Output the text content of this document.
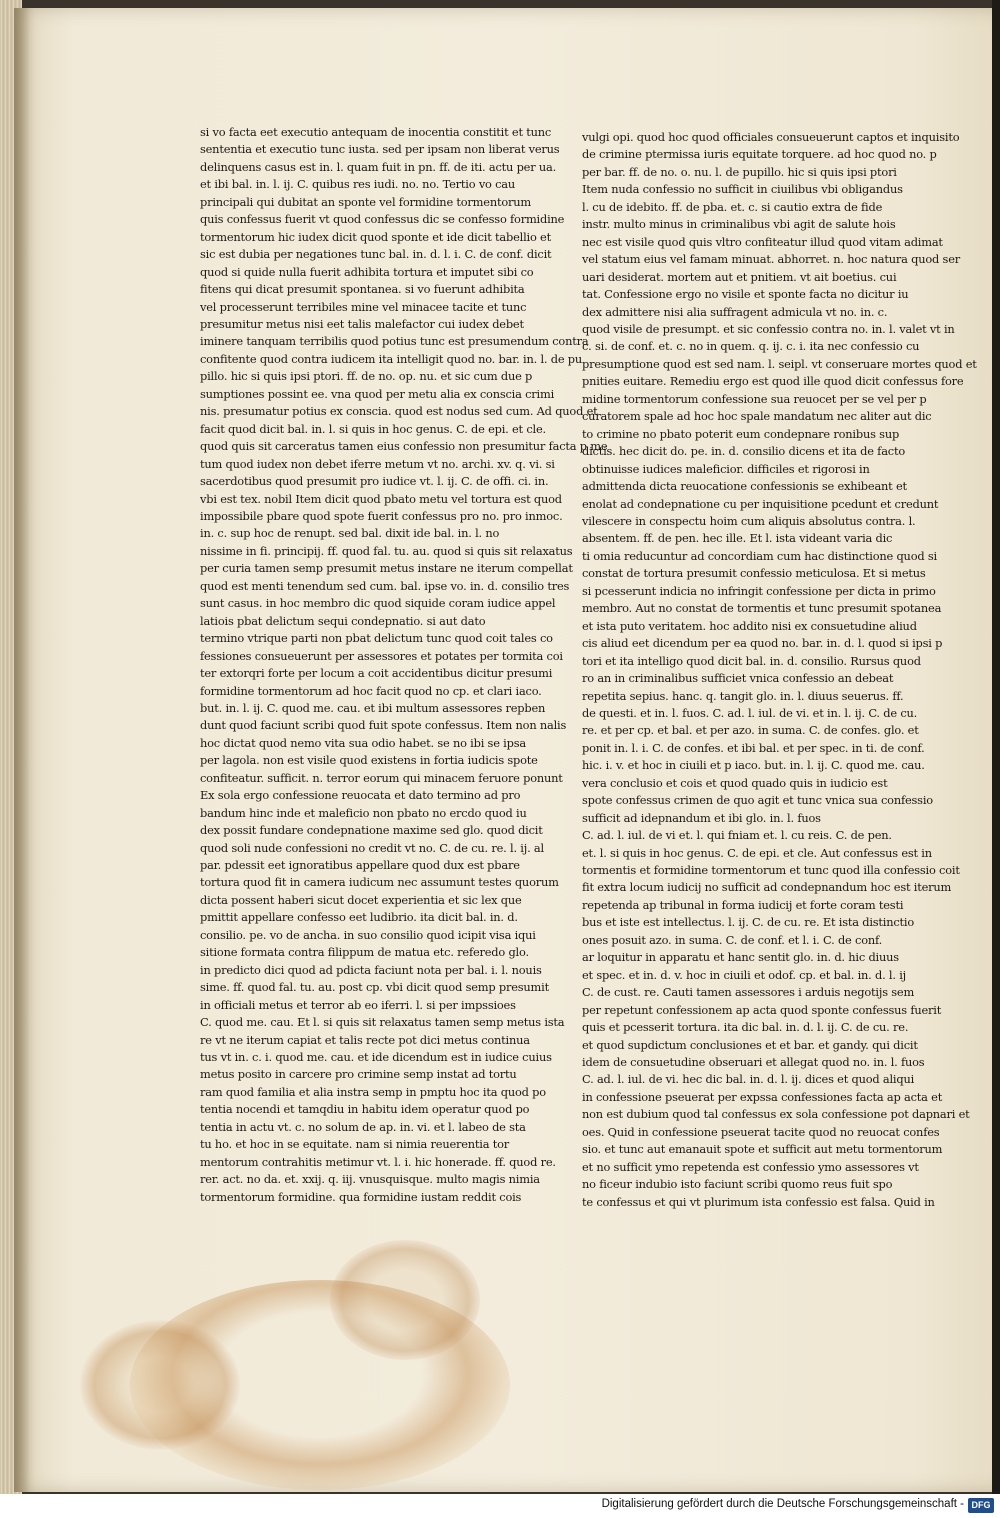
si vo facta eet executio antequam de inocentia constitit et tunc
sententia et executio tunc iusta. sed per ipsam non liberat verus
delinquens casus est in. l. quam fuit in pn. ff. de iti. actu per ua.
et ibi bal. in. l. ij. C. quibus res iudi. no. no. Tertio vo cau
principali qui dubitat an sponte vel formidine tormentorum
quis confessus fuerit vt quod confessus dic se confesso formidine
tormentorum hic iudex dicit quod sponte et ide dicit tabellio et
sic est dubia per negationes tunc bal. in. d. l. i. C. de conf. dicit
quod si quide nulla fuerit adhibita tortura et imputet sibi co
fitens qui dicat presumit spontanea. si vo fuerunt adhibita
vel processerunt terribiles mine vel minacee tacite et tunc
presumitur metus nisi eet talis malefactor cui iudex debet
iminere tanquam terribilis quod potius tunc est presumendum contra
confitente quod contra iudicem ita intelligit quod no. bar. in. l. de pu
pillo. hic si quis ipsi ptori. ff. de no. op. nu. et sic cum due p
sumptiones possint ee. vna quod per metu alia ex conscia crimi
nis. presumatur potius ex conscia. quod est nodus sed cum. Ad quod et
facit quod dicit bal. in. l. si quis in hoc genus. C. de epi. et cle.
quod quis sit carceratus tamen eius confessio non presumitur facta p me
tum quod iudex non debet iferre metum vt no. archi. xv. q. vi. si
sacerdotibus quod presumit pro iudice vt. l. ij. C. de offi. ci. in.
vbi est tex. nobil Item dicit quod pbato metu vel tortura est quod
impossibile pbare quod spote fuerit confessus pro no. pro inmoc.
in. c. sup hoc de renupt. sed bal. dixit ide bal. in. l. no
nissime in fi. principij. ff. quod fal. tu. au. quod si quis sit relaxatus
per curia tamen semp presumit metus instare ne iterum compellat
quod est menti tenendum sed cum. bal. ipse vo. in. d. consilio tres
sunt casus. in hoc membro dic quod siquide coram iudice appel
latiois pbat delictum sequi condepnatio. si aut dato
termino vtrique parti non pbat delictum tunc quod coit tales co
fessiones consueuerunt per assessores et potates per tormita coi
ter extorqri forte per locum a coit accidentibus dicitur presumi
formidine tormentorum ad hoc facit quod no cp. et clari iaco.
but. in. l. ij. C. quod me. cau. et ibi multum assessores repben
dunt quod faciunt scribi quod fuit spote confessus. Item non nalis
hoc dictat quod nemo vita sua odio habet. se no ibi se ipsa
per lagola. non est visile quod existens in fortia iudicis spote
confiteatur. sufficit. n. terror eorum qui minacem feruore ponunt
Ex sola ergo confessione reuocata et dato termino ad pro
bandum hinc inde et maleficio non pbato no ercdo quod iu
dex possit fundare condepnatione maxime sed glo. quod dicit
quod soli nude confessioni no credit vt no. C. de cu. re. l. ij. al
par. pdessit eet ignoratibus appellare quod dux est pbare
tortura quod fit in camera iudicum nec assumunt testes quorum
dicta possent haberi sicut docet experientia et sic lex que
pmittit appellare confesso eet ludibrio. ita dicit bal. in. d.
consilio. pe. vo de ancha. in suo consilio quod icipit visa iqui
sitione formata contra filippum de matua etc. referedo glo.
in predicto dici quod ad pdicta faciunt nota per bal. i. l. nouis
sime. ff. quod fal. tu. au. post cp. vbi dicit quod semp presumit
in officiali metus et terror ab eo iferri. l. si per impssioes
C. quod me. cau. Et l. si quis sit relaxatus tamen semp metus ista
re vt ne iterum capiat et talis recte pot dici metus continua
tus vt in. c. i. quod me. cau. et ide dicendum est in iudice cuius
metus posito in carcere pro crimine semp instat ad tortu
ram quod familia et alia instra semp in pmptu hoc ita quod po
tentia nocendi et tamqdiu in habitu idem operatur quod po
tentia in actu vt. c. no solum de ap. in. vi. et l. labeo de sta
tu ho. et hoc in se equitate. nam si nimia reuerentia tor
mentorum contrahitis metimur vt. l. i. hic honerade. ff. quod re.
rer. act. no da. et. xxij. q. iij. vnusquisque. multo magis nimia
tormentorum formidine. qua formidine iustam reddit cois
vulgi opi. quod hoc quod officiales consueuerunt captos et inquisito
de crimine ptermissa iuris equitate torquere. ad hoc quod no. p
per bar. ff. de no. o. nu. l. de pupillo. hic si quis ipsi ptori
Item nuda confessio no sufficit in ciuilibus vbi obligandus
l. cu de idebito. ff. de pba. et. c. si cautio extra de fide
instr. multo minus in criminalibus vbi agit de salute hois
nec est visile quod quis vltro confiteatur illud quod vitam adimat
vel statum eius vel famam minuat. abhorret. n. hoc natura quod ser
uari desiderat. mortem aut et pnitiem. vt ait boetius. cui
tat. Confessione ergo no visile et sponte facta no dicitur iu
dex admittere nisi alia suffragent admicula vt no. in. c.
quod visile de presumpt. et sic confessio contra no. in. l. valet vt in
c. si. de conf. et. c. no in quem. q. ij. c. i. ita nec confessio cu
presumptione quod est sed nam. l. seipl. vt conseruare mortes quod et
pnities euitare. Remediu ergo est quod ille quod dicit confessus fore
midine tormentorum confessione sua reuocet per se vel per p
curatorem spale ad hoc hoc spale mandatum nec aliter aut dic
to crimine no pbato poterit eum condepnare ronibus sup
dictis. hec dicit do. pe. in. d. consilio dicens et ita de facto
obtinuisse iudices maleficior. difficiles et rigorosi in
admittenda dicta reuocatione confessionis se exhibeant et
enolat ad condepnatione cu per inquisitione pcedunt et credunt
vilescere in conspectu hoim cum aliquis absolutus contra. l.
absentem. ff. de pen. hec ille. Et l. ista videant varia dic
ti omia reducuntur ad concordiam cum hac distinctione quod si
constat de tortura presumit confessio meticulosa. Et si metus
si pcesserunt indicia no infringit confessione per dicta in primo
membro. Aut no constat de tormentis et tunc presumit spotanea
et ista puto veritatem. hoc addito nisi ex consuetudine aliud
cis aliud eet dicendum per ea quod no. bar. in. d. l. quod si ipsi p
tori et ita intelligo quod dicit bal. in. d. consilio. Rursus quod
ro an in criminalibus sufficiet vnica confessio an debeat
repetita sepius. hanc. q. tangit glo. in. l. diuus seuerus. ff.
de questi. et in. l. fuos. C. ad. l. iul. de vi. et in. l. ij. C. de cu.
re. et per cp. et bal. et per azo. in suma. C. de confes. glo. et
ponit in. l. i. C. de confes. et ibi bal. et per spec. in ti. de conf.
hic. i. v. et hoc in ciuili et p iaco. but. in. l. ij. C. quod me. cau.
vera conclusio et cois et quod quado quis in iudicio est
spote confessus crimen de quo agit et tunc vnica sua confessio
sufficit ad idepnandum et ibi glo. in. l. fuos
C. ad. l. iul. de vi et. l. qui fniam et. l. cu reis. C. de pen.
et. l. si quis in hoc genus. C. de epi. et cle. Aut confessus est in
tormentis et formidine tormentorum et tunc quod illa confessio coit
fit extra locum iudicij no sufficit ad condepnandum hoc est iterum
repetenda ap tribunal in forma iudicij et forte coram testi
bus et iste est intellectus. l. ij. C. de cu. re. Et ista distinctio
ones posuit azo. in suma. C. de conf. et l. i. C. de conf.
ar loquitur in apparatu et hanc sentit glo. in. d. hic diuus
et spec. et in. d. v. hoc in ciuili et odof. cp. et bal. in. d. l. ij
C. de cust. re. Cauti tamen assessores i arduis negotijs sem
per repetunt confessionem ap acta quod sponte confessus fuerit
quis et pcesserit tortura. ita dic bal. in. d. l. ij. C. de cu. re.
et quod supdictum conclusiones et et bar. et gandy. qui dicit
idem de consuetudine obseruari et allegat quod no. in. l. fuos
C. ad. l. iul. de vi. hec dic bal. in. d. l. ij. dices et quod aliqui
in confessione pseuerat per expssa confessiones facta ap acta et
non est dubium quod tal confessus ex sola confessione pot dapnari et
oes. Quid in confessione pseuerat tacite quod no reuocat confes
sio. et tunc aut emanauit spote et sufficit aut metu tormentorum
et no sufficit ymo repetenda est confessio ymo assessores vt
no ficeur indubio isto faciunt scribi quomo reus fuit spo
te confessus et qui vt plurimum ista confessio est falsa. Quid in
Digitalisierung gefördert durch die Deutsche Forschungsgemeinschaft - DFG
